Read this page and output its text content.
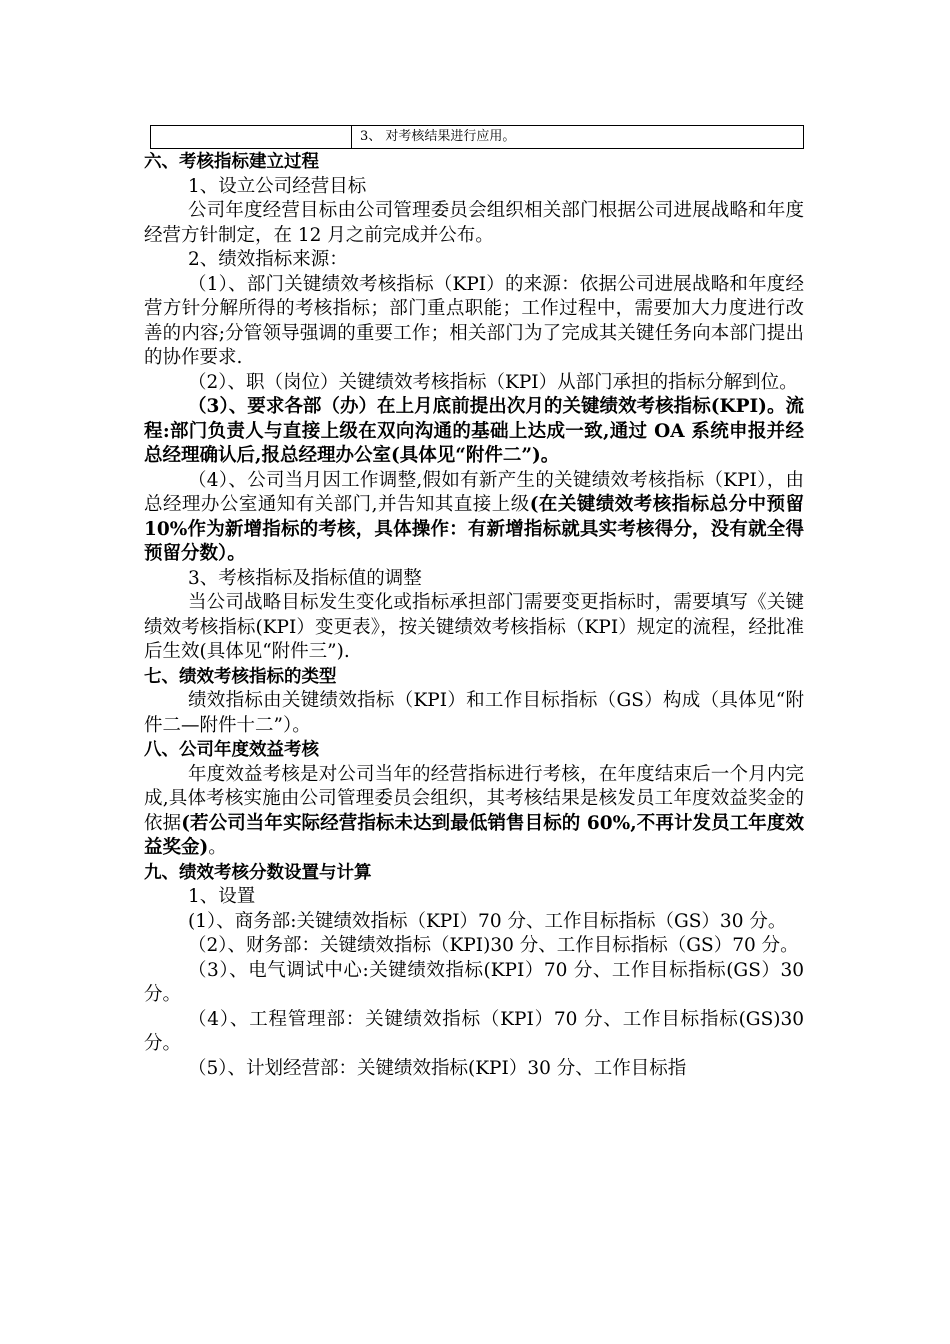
3、 对考核结果进行应用。

六、考核指标建立过程

1、设立公司经营目标

公司年度经营目标由公司管理委员会组织相关部门根据公司进展战略和年度经营方针制定，在 12 月之前完成并公布。

2、绩效指标来源：

（1）、部门关键绩效考核指标（KPI）的来源：依据公司进展战略和年度经营方针分解所得的考核指标；部门重点职能；工作过程中，需要加大力度进行改善的内容;分管领导强调的重要工作；相关部门为了完成其关键任务向本部门提出的协作要求.

（2）、职（岗位）关键绩效考核指标（KPI）从部门承担的指标分解到位。

（3）、要求各部（办）在上月底前提出次月的关键绩效考核指标(KPI)。流程:部门负责人与直接上级在双向沟通的基础上达成一致,通过 OA 系统申报并经总经理确认后,报总经理办公室(具体见“附件二”)。

（4）、公司当月因工作调整,假如有新产生的关键绩效考核指标（KPI），由总经理办公室通知有关部门,并告知其直接上级(在关键绩效考核指标总分中预留 10%作为新增指标的考核，具体操作：有新增指标就具实考核得分，没有就全得预留分数）。

3、考核指标及指标值的调整

当公司战略目标发生变化或指标承担部门需要变更指标时，需要填写《关键绩效考核指标(KPI）变更表》，按关键绩效考核指标（KPI）规定的流程，经批准后生效(具体见“附件三”).

七、绩效考核指标的类型

绩效指标由关键绩效指标（KPI）和工作目标指标（GS）构成（具体见“附件二—附件十二”）。

八、公司年度效益考核

年度效益考核是对公司当年的经营指标进行考核，在年度结束后一个月内完成,具体考核实施由公司管理委员会组织，其考核结果是核发员工年度效益奖金的依据(若公司当年实际经营指标未达到最低销售目标的 60%,不再计发员工年度效益奖金)。

九、绩效考核分数设置与计算

1、设置

(1）、商务部:关键绩效指标（KPI）70 分、工作目标指标（GS）30 分。

（2）、财务部：关键绩效指标（KPI)30 分、工作目标指标（GS）70 分。

（3）、电气调试中心:关键绩效指标(KPI）70 分、工作目标指标(GS）30 分。

（4）、工程管理部：关键绩效指标（KPI）70 分、工作目标指标(GS)30 分。

（5）、计划经营部：关键绩效指标(KPI）30 分、工作目标指
